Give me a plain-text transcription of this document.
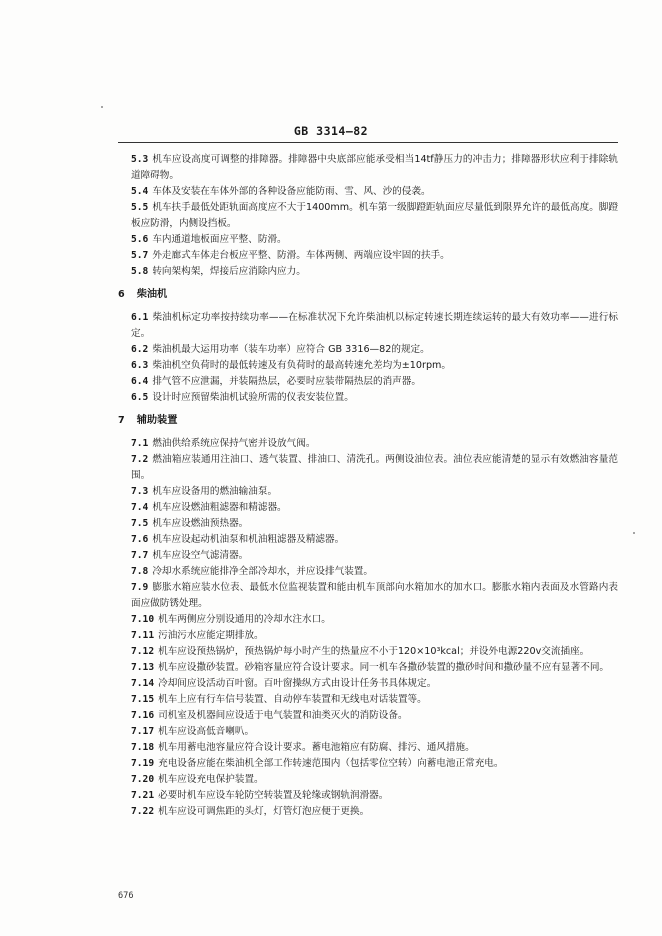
GB 3314—82
5.3 机车应设高度可调整的排障器。排障器中央底部应能承受相当14tf静压力的冲击力；排障器形状应利于排除轨道障碍物。
5.4 车体及安装在车体外部的各种设备应能防雨、雪、风、沙的侵袭。
5.5 机车扶手最低处距轨面高度应不大于1400mm。机车第一级脚蹬距轨面应尽量低到限界允许的最低高度。脚蹬板应防滑，内侧设挡板。
5.6 车内通道地板面应平整、防滑。
5.7 外走廊式车体走台板应平整、防滑。车体两侧、两端应设牢固的扶手。
5.8 转向架构架，焊接后应消除内应力。
6 柴油机
6.1 柴油机标定功率按持续功率——在标准状况下允许柴油机以标定转速长期连续运转的最大有效功率——进行标定。
6.2 柴油机最大运用功率（装车功率）应符合 GB 3316—82的规定。
6.3 柴油机空负荷时的最低转速及有负荷时的最高转速允差均为±10rpm。
6.4 排气管不应泄漏，并装隔热层，必要时应装带隔热层的消声器。
6.5 设计时应预留柴油机试验所需的仪表安装位置。
7 辅助装置
7.1 燃油供给系统应保持气密并设放气阀。
7.2 燃油箱应装通用注油口、透气装置、排油口、清洗孔。两侧设油位表。油位表应能清楚的显示有效燃油容量范围。
7.3 机车应设备用的燃油输油泵。
7.4 机车应设燃油粗滤器和精滤器。
7.5 机车应设燃油预热器。
7.6 机车应设起动机油泵和机油粗滤器及精滤器。
7.7 机车应设空气滤清器。
7.8 冷却水系统应能排净全部冷却水，并应设排气装置。
7.9 膨胀水箱应装水位表、最低水位监视装置和能由机车顶部向水箱加水的加水口。膨胀水箱内表面及水管路内表面应做防锈处理。
7.10 机车两侧应分别设通用的冷却水注水口。
7.11 污油污水应能定期排放。
7.12 机车应设预热锅炉，预热锅炉每小时产生的热量应不小于120×10³kcal；并设外电源220v交流插座。
7.13 机车应设撒砂装置。砂箱容量应符合设计要求。同一机车各撒砂装置的撒砂时间和撒砂量不应有显著不同。
7.14 冷却间应设活动百叶窗。百叶窗操纵方式由设计任务书具体规定。
7.15 机车上应有行车信号装置、自动停车装置和无线电对话装置等。
7.16 司机室及机器间应设适于电气装置和油类灭火的消防设备。
7.17 机车应设高低音喇叭。
7.18 机车用蓄电池容量应符合设计要求。蓄电池箱应有防腐、排污、通风措施。
7.19 充电设备应能在柴油机全部工作转速范围内（包括零位空转）向蓄电池正常充电。
7.20 机车应设充电保护装置。
7.21 必要时机车应设车轮防空转装置及轮缘或钢轨润滑器。
7.22 机车应设可调焦距的头灯，灯管灯泡应便于更换。
676
